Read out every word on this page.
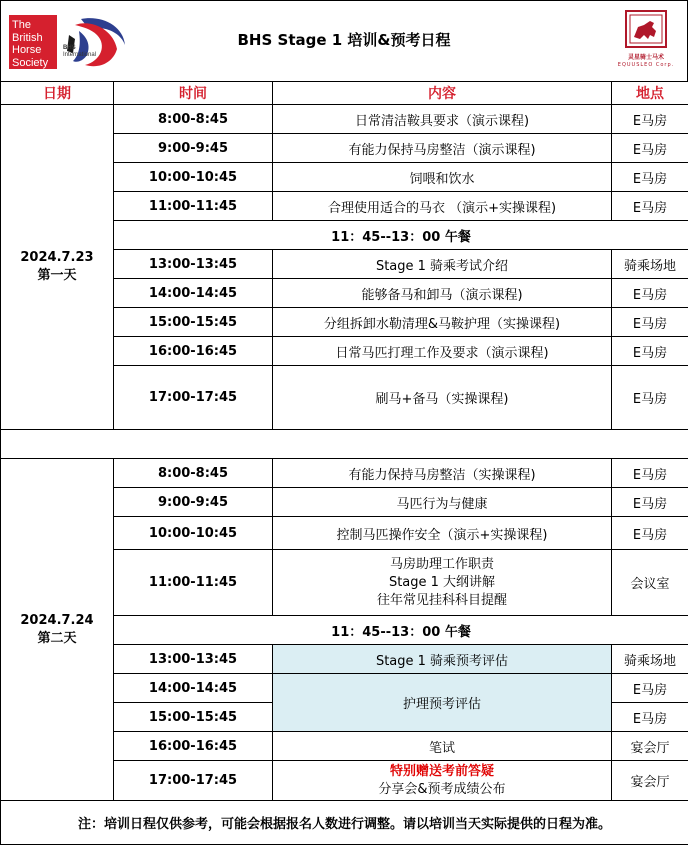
The
British
Horse
Society
BHS
International
BHS Stage 1 培训&预考日程
灵星骑士马术
EQUUSLEO Corp.
日期	时间	内容	地点

2024.7.23
第一天	8:00-8:45	日常清洁鞍具要求（演示课程)	E马房
	9:00-9:45	有能力保持马房整洁（演示课程)	E马房
	10:00-10:45	饲喂和饮水	E马房
	11:00-11:45	合理使用适合的马衣 （演示+实操课程)	E马房
	11：45--13：00 午餐		
	13:00-13:45	Stage 1 骑乘考试介绍	骑乘场地
	14:00-14:45	能够备马和卸马（演示课程)	E马房
	15:00-15:45	分组拆卸水勒清理&马鞍护理（实操课程)	E马房
	16:00-16:45	日常马匹打理工作及要求（演示课程)	E马房
	17:00-17:45	刷马+备马（实操课程)	E马房

2024.7.24
第二天	8:00-8:45	有能力保持马房整洁（实操课程)	E马房
	9:00-9:45	马匹行为与健康	E马房
	10:00-10:45	控制马匹操作安全（演示+实操课程)	E马房
	11:00-11:45	马房助理工作职责
Stage 1 大纲讲解
往年常见挂科科目提醒	会议室
	11：45--13：00 午餐		
	13:00-13:45	Stage 1 骑乘预考评估	骑乘场地
	14:00-14:45	护理预考评估	E马房
	15:00-15:45		E马房
	16:00-16:45	笔试	宴会厅
	17:00-17:45	特别赠送考前答疑
分享会&预考成绩公布	宴会厅

注：培训日程仅供参考，可能会根据报名人数进行调整。请以培训当天实际提供的日程为准。			
